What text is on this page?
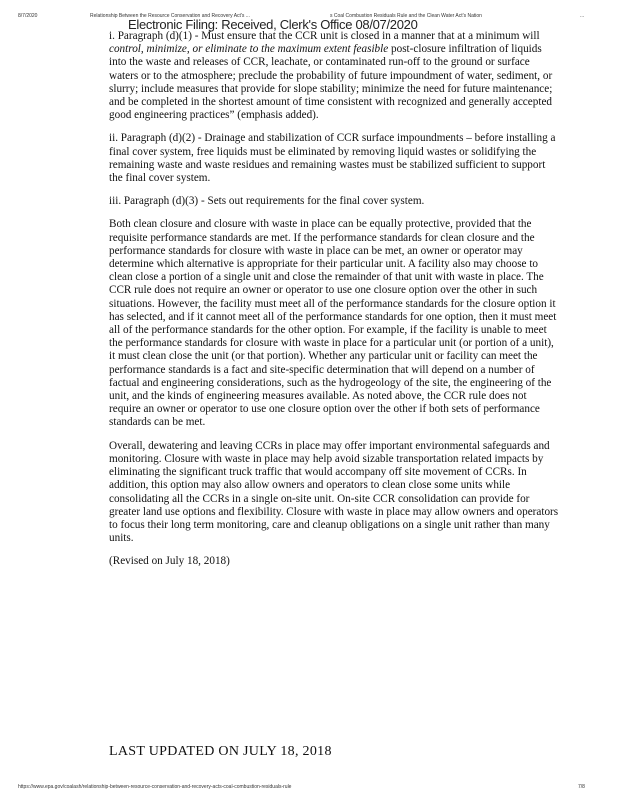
8/7/2020	Relationship Between the Resource Conservation and Recovery Act's ...	s Coal Combustion Residuals Rule and the Clean Water Act's Nation	...
Electronic Filing: Received, Clerk's Office 08/07/2020

i. Paragraph (d)(1) - Must ensure that the CCR unit is closed in a manner that at a minimum will control, minimize, or eliminate to the maximum extent feasible post-closure infiltration of liquids into the waste and releases of CCR, leachate, or contaminated run-off to the ground or surface waters or to the atmosphere; preclude the probability of future impoundment of water, sediment, or slurry; include measures that provide for slope stability; minimize the need for future maintenance; and be completed in the shortest amount of time consistent with recognized and generally accepted good engineering practices” (emphasis added).

ii. Paragraph (d)(2) - Drainage and stabilization of CCR surface impoundments – before installing a final cover system, free liquids must be eliminated by removing liquid wastes or solidifying the remaining waste and waste residues and remaining wastes must be stabilized sufficient to support the final cover system.

iii. Paragraph (d)(3) - Sets out requirements for the final cover system.

Both clean closure and closure with waste in place can be equally protective, provided that the requisite performance standards are met. If the performance standards for clean closure and the performance standards for closure with waste in place can be met, an owner or operator may determine which alternative is appropriate for their particular unit. A facility also may choose to clean close a portion of a single unit and close the remainder of that unit with waste in place. The CCR rule does not require an owner or operator to use one closure option over the other in such situations. However, the facility must meet all of the performance standards for the closure option it has selected, and if it cannot meet all of the performance standards for one option, then it must meet all of the performance standards for the other option. For example, if the facility is unable to meet the performance standards for closure with waste in place for a particular unit (or portion of a unit), it must clean close the unit (or that portion). Whether any particular unit or facility can meet the performance standards is a fact and site-specific determination that will depend on a number of factual and engineering considerations, such as the hydrogeology of the site, the engineering of the unit, and the kinds of engineering measures available. As noted above, the CCR rule does not require an owner or operator to use one closure option over the other if both sets of performance standards can be met.

Overall, dewatering and leaving CCRs in place may offer important environmental safeguards and monitoring. Closure with waste in place may help avoid sizable transportation related impacts by eliminating the significant truck traffic that would accompany off site movement of CCRs. In addition, this option may also allow owners and operators to clean close some units while consolidating all the CCRs in a single on-site unit. On-site CCR consolidation can provide for greater land use options and flexibility. Closure with waste in place may allow owners and operators to focus their long term monitoring, care and cleanup obligations on a single unit rather than many units.

(Revised on July 18, 2018)

LAST UPDATED ON JULY 18, 2018
https://www.epa.gov/coalash/relationship-between-resource-conservation-and-recovery-acts-coal-combustion-residuals-rule	7/8
